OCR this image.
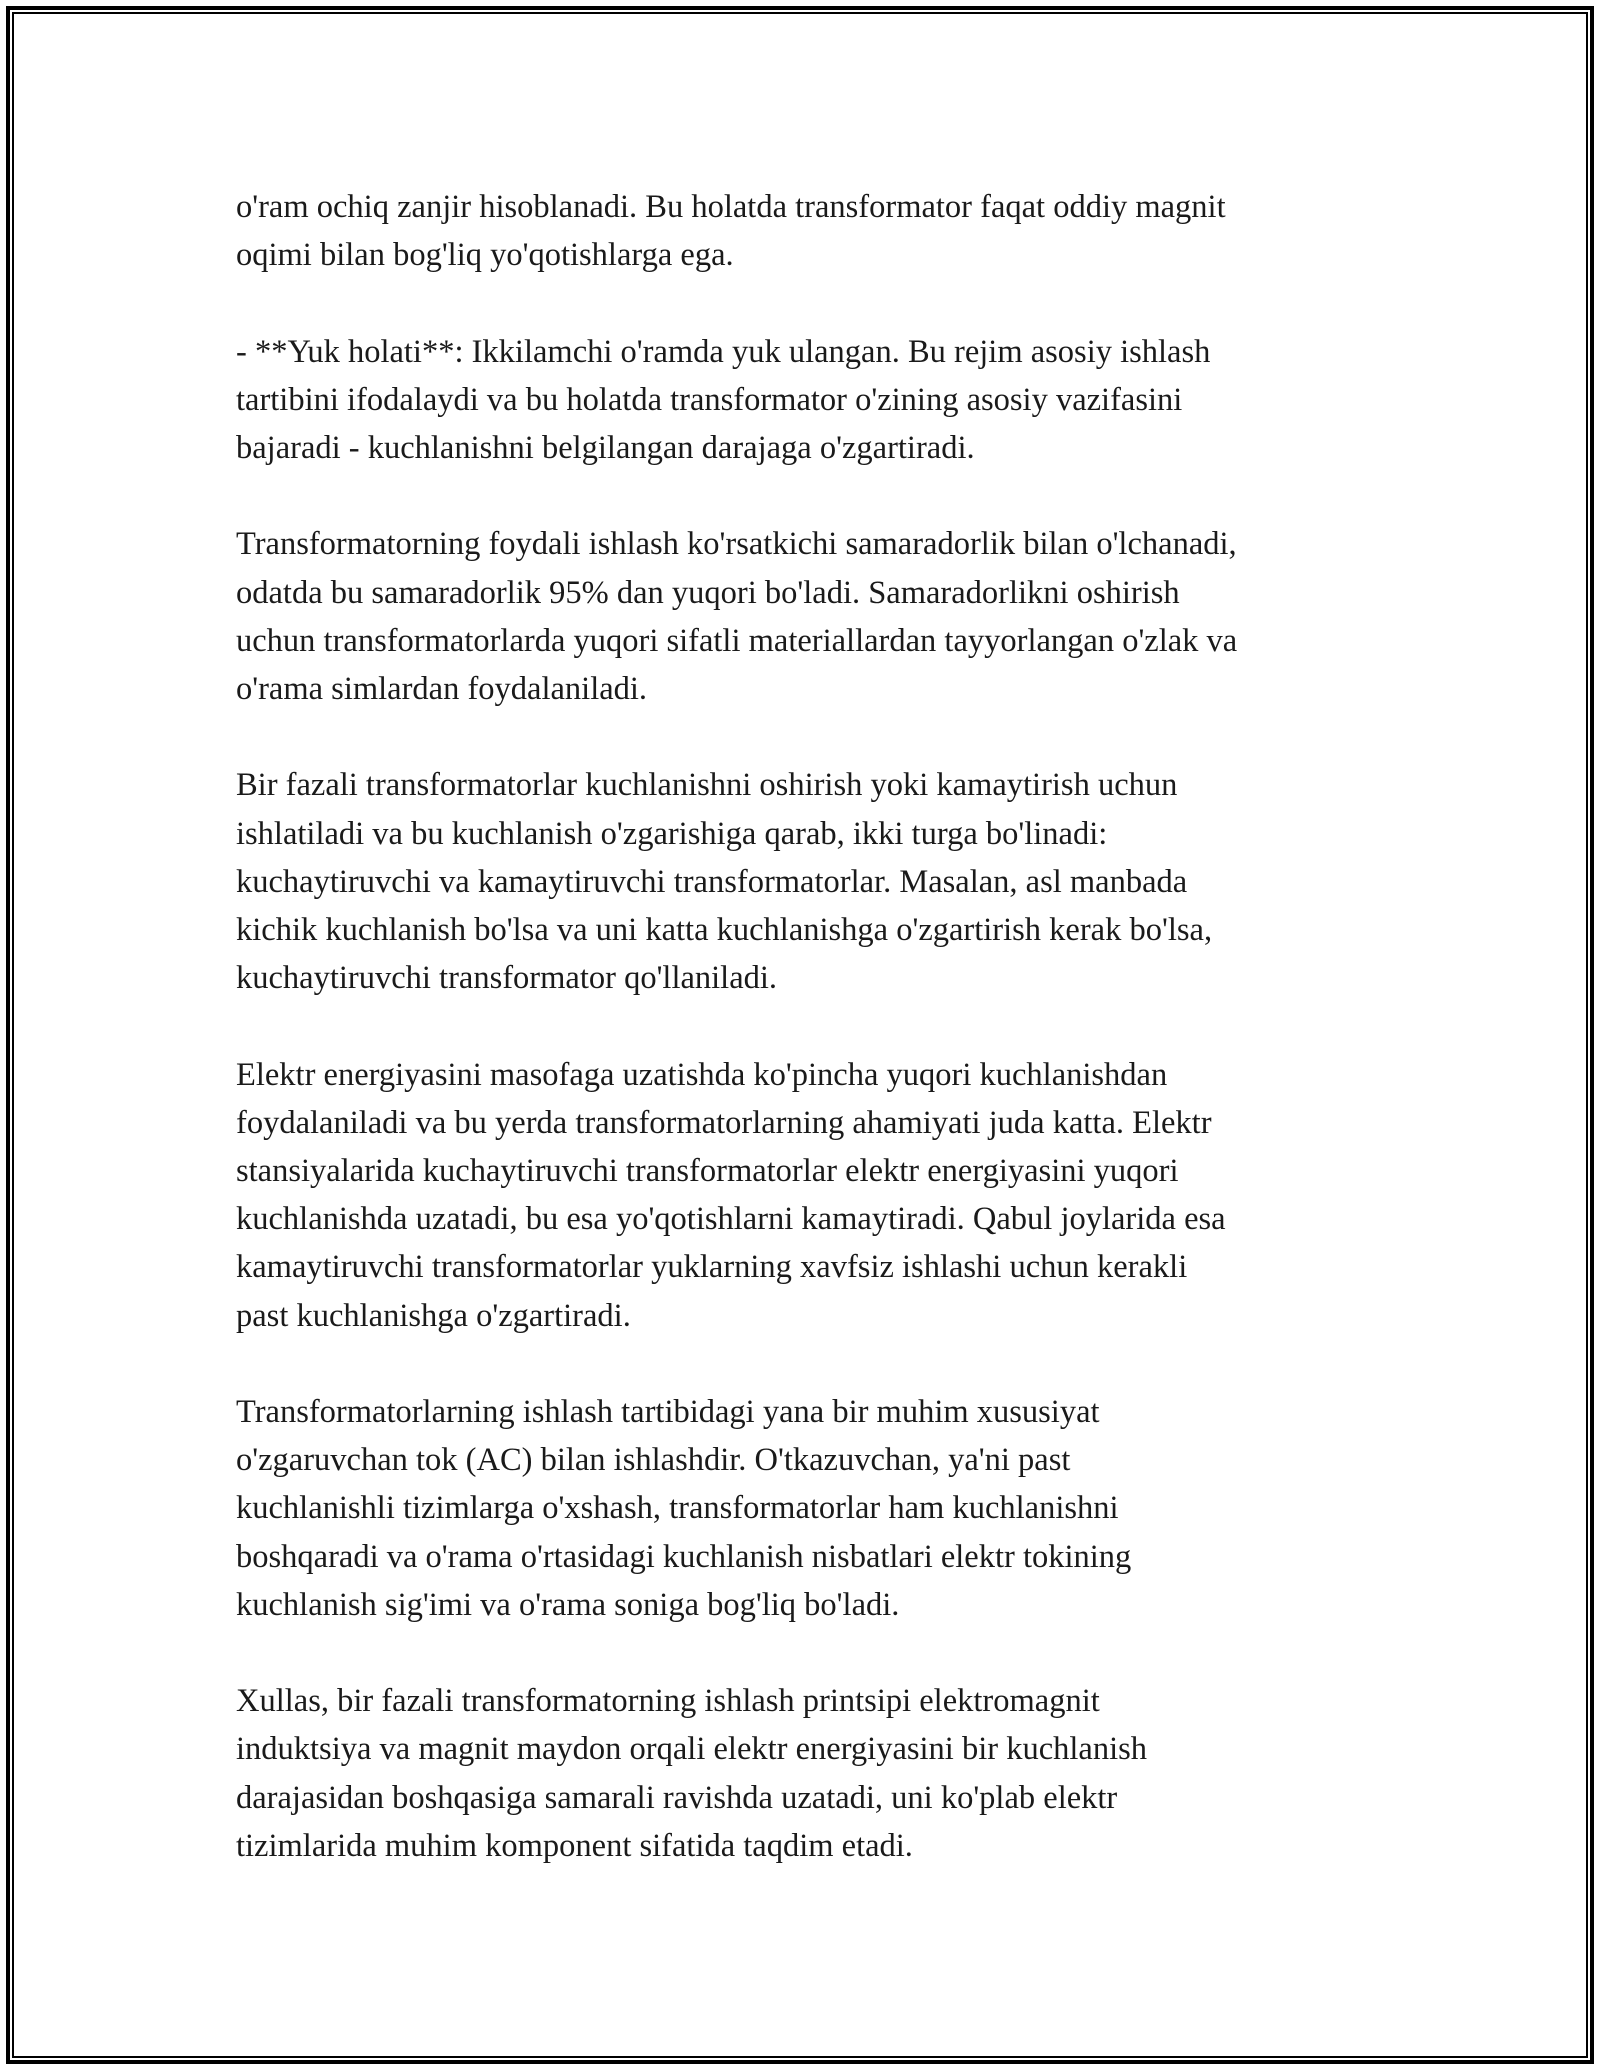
o'ram ochiq zanjir hisoblanadi. Bu holatda transformator faqat oddiy magnit
oqimi bilan bog'liq yo'qotishlarga ega.

- **Yuk holati**: Ikkilamchi o'ramda yuk ulangan. Bu rejim asosiy ishlash
tartibini ifodalaydi va bu holatda transformator o'zining asosiy vazifasini
bajaradi - kuchlanishni belgilangan darajaga o'zgartiradi.

Transformatorning foydali ishlash ko'rsatkichi samaradorlik bilan o'lchanadi,
odatda bu samaradorlik 95% dan yuqori bo'ladi. Samaradorlikni oshirish
uchun transformatorlarda yuqori sifatli materiallardan tayyorlangan o'zlak va
o'rama simlardan foydalaniladi.

Bir fazali transformatorlar kuchlanishni oshirish yoki kamaytirish uchun
ishlatiladi va bu kuchlanish o'zgarishiga qarab, ikki turga bo'linadi:
kuchaytiruvchi va kamaytiruvchi transformatorlar. Masalan, asl manbada
kichik kuchlanish bo'lsa va uni katta kuchlanishga o'zgartirish kerak bo'lsa,
kuchaytiruvchi transformator qo'llaniladi.

Elektr energiyasini masofaga uzatishda ko'pincha yuqori kuchlanishdan
foydalaniladi va bu yerda transformatorlarning ahamiyati juda katta. Elektr
stansiyalarida kuchaytiruvchi transformatorlar elektr energiyasini yuqori
kuchlanishda uzatadi, bu esa yo'qotishlarni kamaytiradi. Qabul joylarida esa
kamaytiruvchi transformatorlar yuklarning xavfsiz ishlashi uchun kerakli
past kuchlanishga o'zgartiradi.

Transformatorlarning ishlash tartibidagi yana bir muhim xususiyat
o'zgaruvchan tok (AC) bilan ishlashdir. O'tkazuvchan, ya'ni past
kuchlanishli tizimlarga o'xshash, transformatorlar ham kuchlanishni
boshqaradi va o'rama o'rtasidagi kuchlanish nisbatlari elektr tokining
kuchlanish sig'imi va o'rama soniga bog'liq bo'ladi.

Xullas, bir fazali transformatorning ishlash printsipi elektromagnit
induktsiya va magnit maydon orqali elektr energiyasini bir kuchlanish
darajasidan boshqasiga samarali ravishda uzatadi, uni ko'plab elektr
tizimlarida muhim komponent sifatida taqdim etadi.
